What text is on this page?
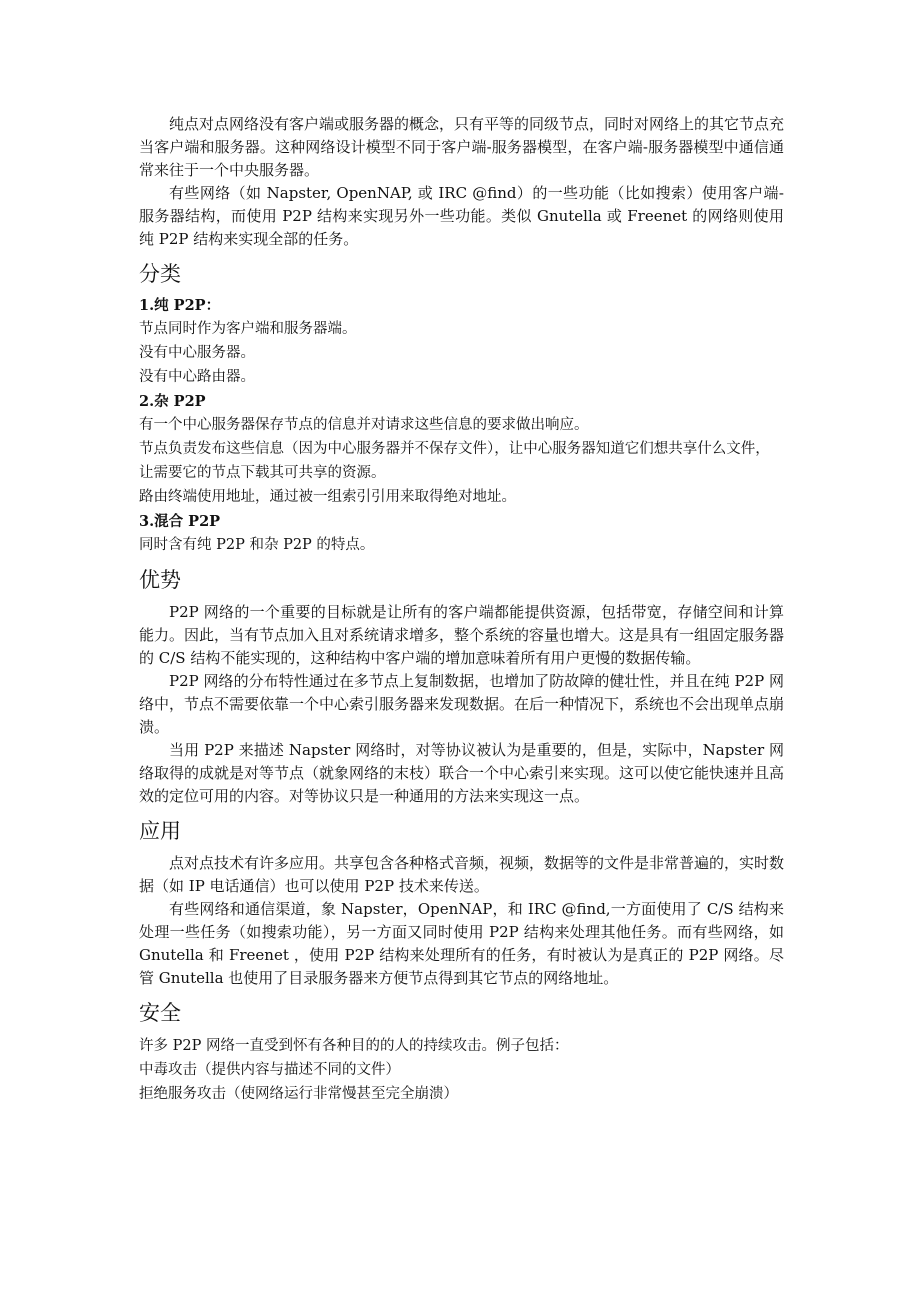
纯点对点网络没有客户端或服务器的概念，只有平等的同级节点，同时对网络上的其它节点充当客户端和服务器。这种网络设计模型不同于客户端-服务器模型，在客户端-服务器模型中通信通常来往于一个中央服务器。

有些网络（如 Napster, OpenNAP, 或 IRC @find）的一些功能（比如搜索）使用客户端-服务器结构，而使用 P2P 结构来实现另外一些功能。类似 Gnutella 或 Freenet 的网络则使用纯 P2P 结构来实现全部的任务。

分类
1.纯 P2P：

节点同时作为客户端和服务器端。

没有中心服务器。

没有中心路由器。

2.杂 P2P

有一个中心服务器保存节点的信息并对请求这些信息的要求做出响应。

节点负责发布这些信息（因为中心服务器并不保存文件），让中心服务器知道它们想共享什么文件，让需要它的节点下载其可共享的资源。

路由终端使用地址，通过被一组索引引用来取得绝对地址。

3.混合 P2P

同时含有纯 P2P 和杂 P2P 的特点。

优势

P2P 网络的一个重要的目标就是让所有的客户端都能提供资源，包括带宽，存储空间和计算能力。因此，当有节点加入且对系统请求增多，整个系统的容量也增大。这是具有一组固定服务器的 C/S 结构不能实现的，这种结构中客户端的增加意味着所有用户更慢的数据传输。

P2P 网络的分布特性通过在多节点上复制数据，也增加了防故障的健壮性，并且在纯 P2P 网络中，节点不需要依靠一个中心索引服务器来发现数据。在后一种情况下，系统也不会出现单点崩溃。

当用 P2P 来描述 Napster 网络时，对等协议被认为是重要的，但是，实际中，Napster 网络取得的成就是对等节点（就象网络的末枝）联合一个中心索引来实现。这可以使它能快速并且高效的定位可用的内容。对等协议只是一种通用的方法来实现这一点。

应用

点对点技术有许多应用。共享包含各种格式音频，视频，数据等的文件是非常普遍的，实时数据（如 IP 电话通信）也可以使用 P2P 技术来传送。

有些网络和通信渠道，象 Napster，OpenNAP，和 IRC @find,一方面使用了 C/S 结构来处理一些任务（如搜索功能），另一方面又同时使用 P2P 结构来处理其他任务。而有些网络，如 Gnutella 和 Freenet ，使用 P2P 结构来处理所有的任务，有时被认为是真正的 P2P 网络。尽管 Gnutella 也使用了目录服务器来方便节点得到其它节点的网络地址。

安全

许多 P2P 网络一直受到怀有各种目的的人的持续攻击。例子包括：

中毒攻击（提供内容与描述不同的文件）

拒绝服务攻击（使网络运行非常慢甚至完全崩溃）
